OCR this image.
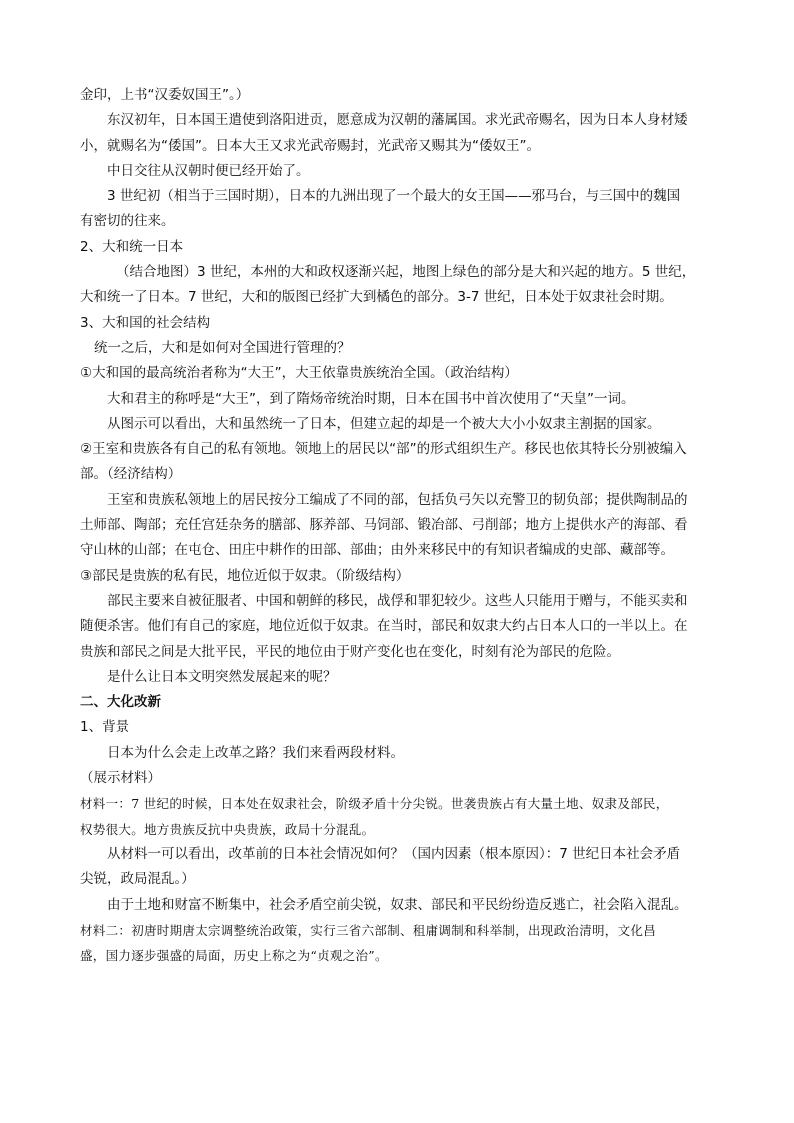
金印，上书“汉委奴国王”。）
东汉初年，日本国王遣使到洛阳进贡，愿意成为汉朝的藩属国。求光武帝赐名，因为日本人身材矮
小，就赐名为“倭国”。日本大王又求光武帝赐封，光武帝又赐其为“倭奴王”。
中日交往从汉朝时便已经开始了。
3 世纪初（相当于三国时期），日本的九洲出现了一个最大的女王国——邪马台，与三国中的魏国
有密切的往来。
2、大和统一日本
（结合地图）3 世纪，本州的大和政权逐渐兴起，地图上绿色的部分是大和兴起的地方。5 世纪，
大和统一了日本。7 世纪，大和的版图已经扩大到橘色的部分。3-7 世纪，日本处于奴隶社会时期。
3、大和国的社会结构
统一之后，大和是如何对全国进行管理的？
①大和国的最高统治者称为“大王”，大王依靠贵族统治全国。（政治结构）
大和君主的称呼是“大王”，到了隋炀帝统治时期，日本在国书中首次使用了“天皇”一词。
从图示可以看出，大和虽然统一了日本，但建立起的却是一个被大大小小奴隶主割据的国家。
②王室和贵族各有自己的私有领地。领地上的居民以“部”的形式组织生产。移民也依其特长分别被编入
部。（经济结构）
王室和贵族私领地上的居民按分工编成了不同的部，包括负弓矢以充警卫的韧负部；提供陶制品的
土师部、陶部；充任宫廷杂务的膳部、豚养部、马饲部、锻冶部、弓削部；地方上提供水产的海部、看
守山林的山部；在屯仓、田庄中耕作的田部、部曲；由外来移民中的有知识者编成的史部、藏部等。
③部民是贵族的私有民，地位近似于奴隶。（阶级结构）
部民主要来自被征服者、中国和朝鲜的移民，战俘和罪犯较少。这些人只能用于赠与，不能买卖和
随便杀害。他们有自己的家庭，地位近似于奴隶。在当时，部民和奴隶大约占日本人口的一半以上。在
贵族和部民之间是大批平民，平民的地位由于财产变化也在变化，时刻有沦为部民的危险。
是什么让日本文明突然发展起来的呢？
二、大化改新
1、背景
日本为什么会走上改革之路？我们来看两段材料。
（展示材料）
材料一：7 世纪的时候，日本处在奴隶社会，阶级矛盾十分尖锐。世袭贵族占有大量土地、奴隶及部民，
权势很大。地方贵族反抗中央贵族，政局十分混乱。
从材料一可以看出，改革前的日本社会情况如何？（国内因素（根本原因）：7 世纪日本社会矛盾
尖锐，政局混乱。）
由于土地和财富不断集中，社会矛盾空前尖锐，奴隶、部民和平民纷纷造反逃亡，社会陷入混乱。
材料二：初唐时期唐太宗调整统治政策，实行三省六部制、租庸调制和科举制，出现政治清明，文化昌
盛，国力逐步强盛的局面，历史上称之为“贞观之治”。
